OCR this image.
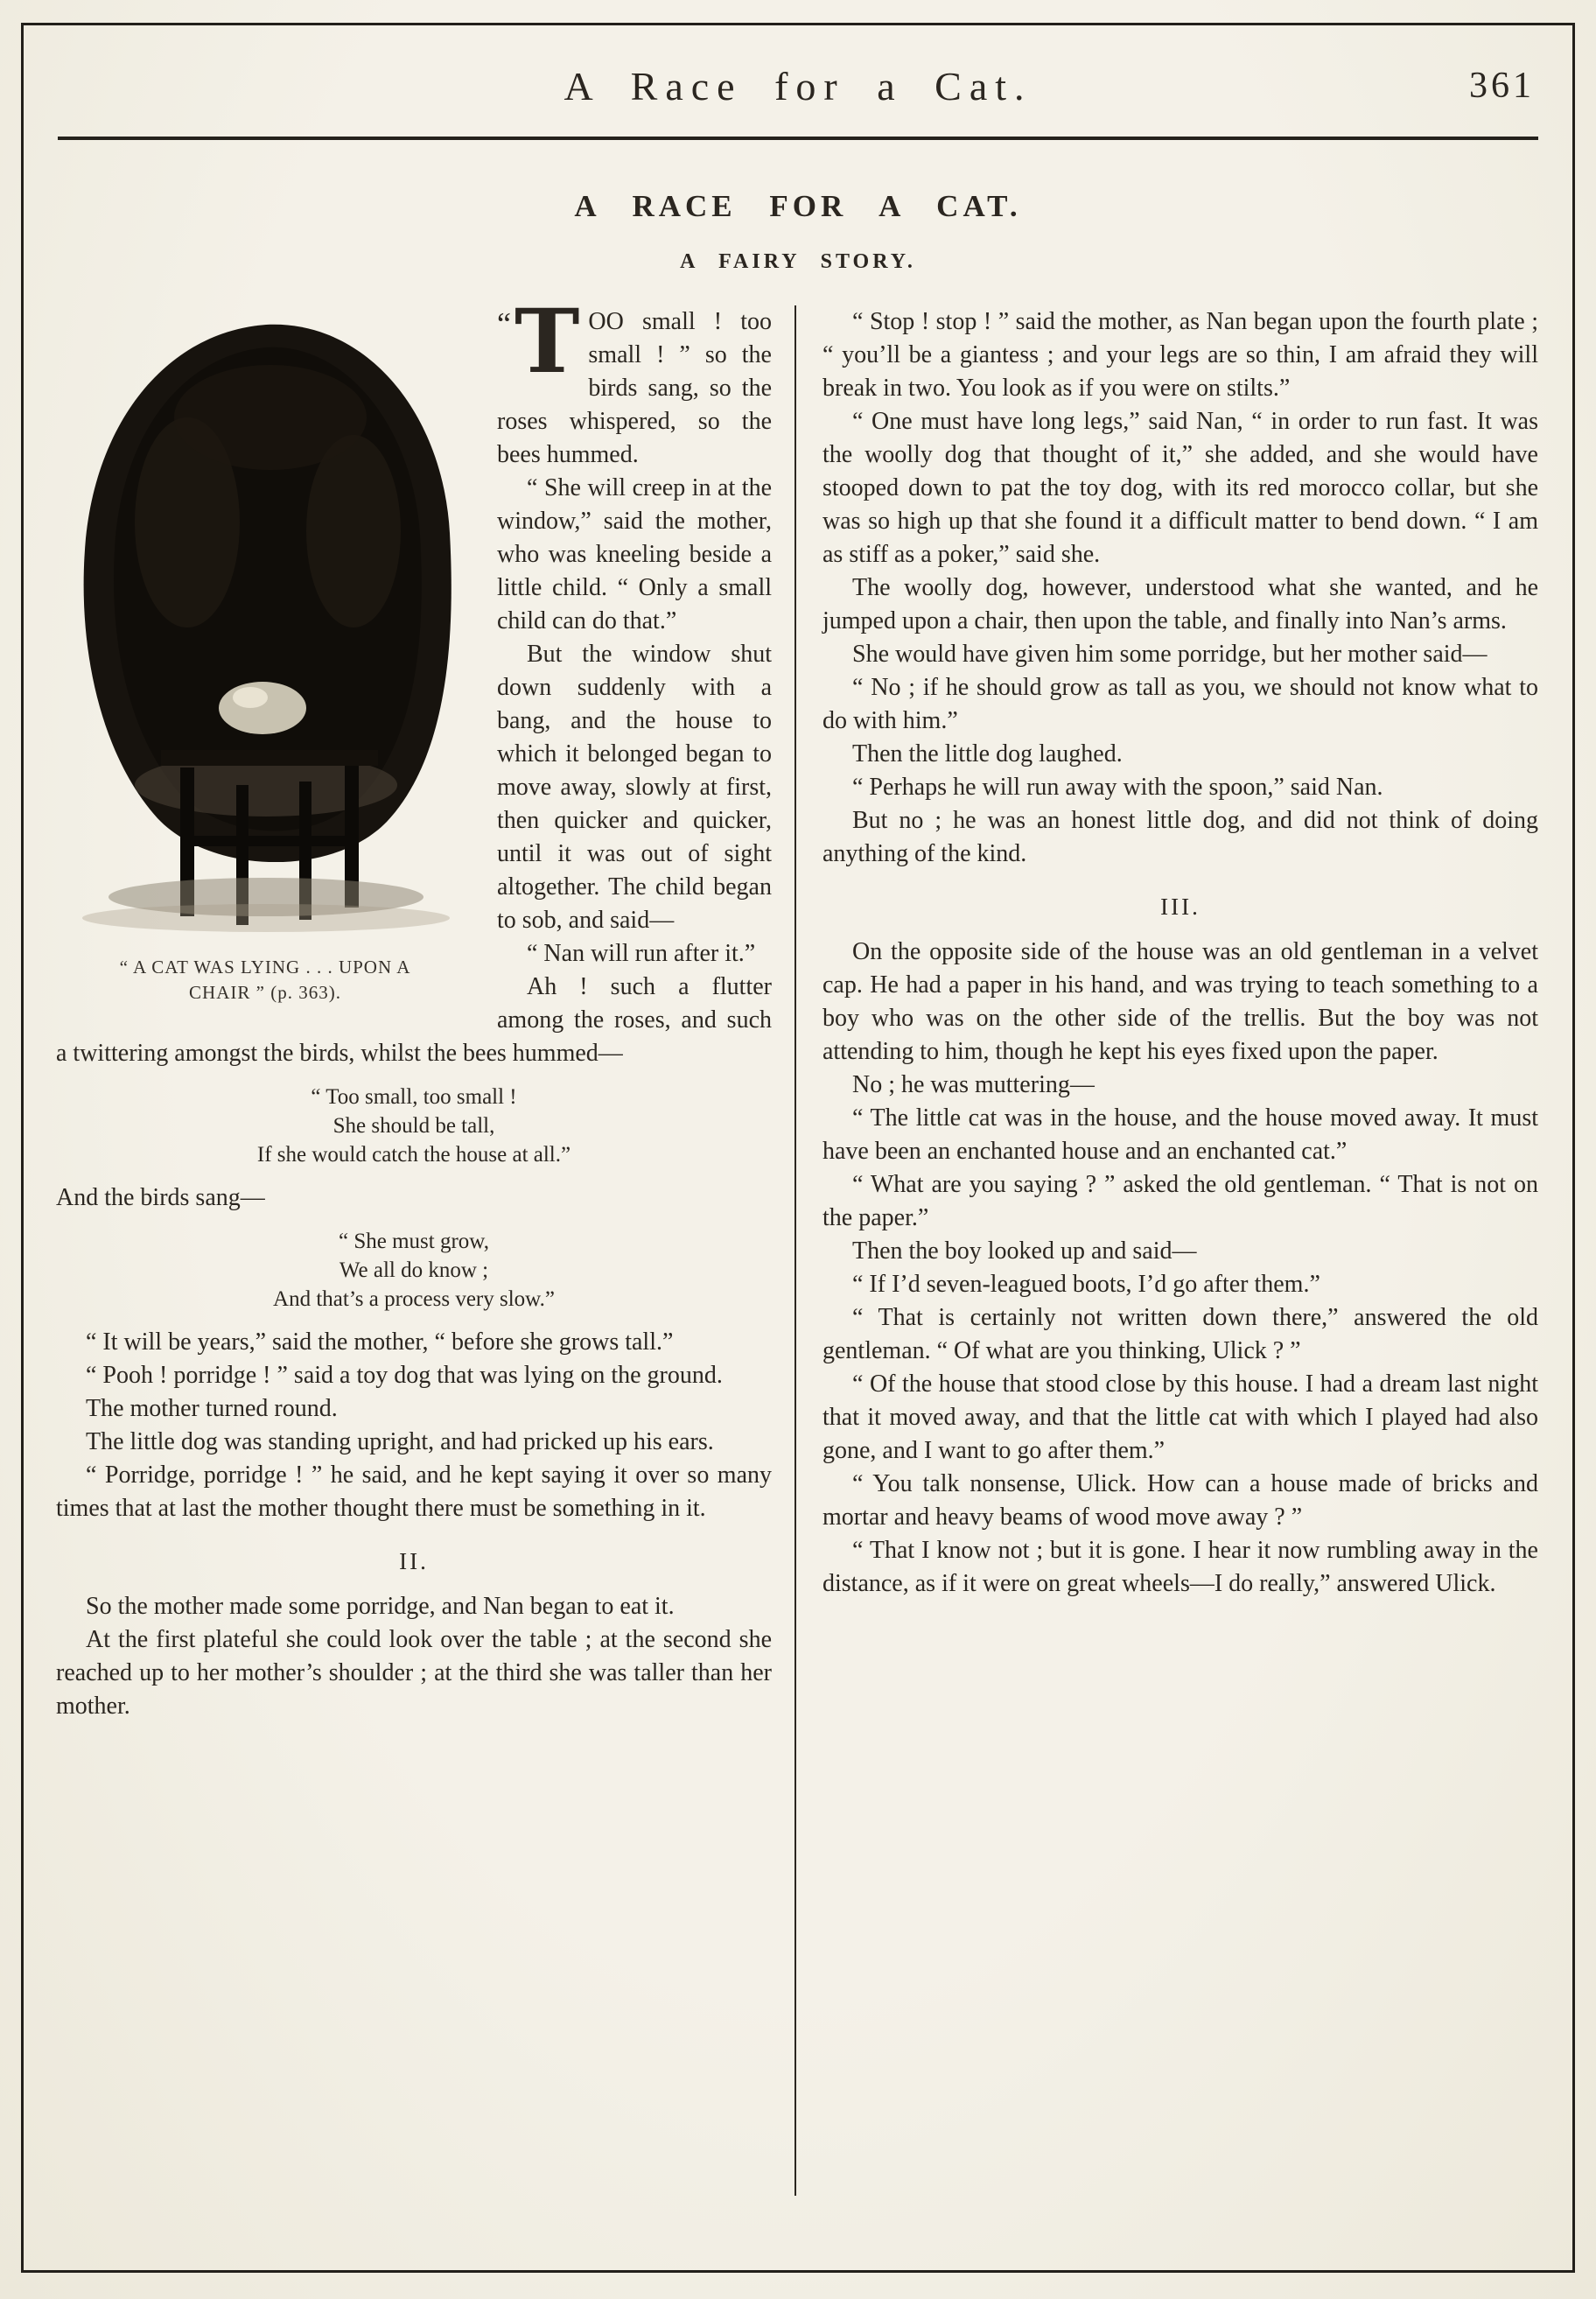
A Race for a Cat.	361
A RACE FOR A CAT.
A FAIRY STORY.
“ A CAT WAS LYING . . . UPON A
CHAIR ” (p. 363).

“ T OO small ! too small ! ” so the birds sang, so the roses whispered, so the bees hummed.

“ She will creep in at the window,” said the mother, who was kneeling beside a little child. “ Only a small child can do that.”

But the window shut down suddenly with a bang, and the house to which it belonged began to move away, slowly at first, then quicker and quicker, until it was out of sight altogether. The child began to sob, and said—

“ Nan will run after it.”

Ah ! such a flutter among the roses, and such a twittering amongst the birds, whilst the bees hummed—

“ Too small, too small !
She should be tall,
If she would catch the house at all.”

And the birds sang—

“ She must grow,
We all do know ;
And that’s a process very slow.”

“ It will be years,” said the mother, “ before she grows tall.”

“ Pooh ! porridge ! ” said a toy dog that was lying on the ground.

The mother turned round.

The little dog was standing upright, and had pricked up his ears.

“ Porridge, porridge ! ” he said, and he kept saying it over so many times that at last the mother thought there must be something in it.

II.

So the mother made some porridge, and Nan began to eat it.

At the first plateful she could look over the table ; at the second she reached up to her mother’s shoulder ; at the third she was taller than her mother.

“ Stop ! stop ! ” said the mother, as Nan began upon the fourth plate ; “ you’ll be a giantess ; and your legs are so thin, I am afraid they will break in two. You look as if you were on stilts.”

“ One must have long legs,” said Nan, “ in order to run fast. It was the woolly dog that thought of it,” she added, and she would have stooped down to pat the toy dog, with its red morocco collar, but she was so high up that she found it a difficult matter to bend down. “ I am as stiff as a poker,” said she.

The woolly dog, however, understood what she wanted, and he jumped upon a chair, then upon the table, and finally into Nan’s arms.

She would have given him some porridge, but her mother said—

“ No ; if he should grow as tall as you, we should not know what to do with him.”

Then the little dog laughed.

“ Perhaps he will run away with the spoon,” said Nan.

But no ; he was an honest little dog, and did not think of doing anything of the kind.

III.

On the opposite side of the house was an old gentleman in a velvet cap. He had a paper in his hand, and was trying to teach something to a boy who was on the other side of the trellis. But the boy was not attending to him, though he kept his eyes fixed upon the paper.

No ; he was muttering—

“ The little cat was in the house, and the house moved away. It must have been an enchanted house and an enchanted cat.”

“ What are you saying ? ” asked the old gentleman. “ That is not on the paper.”

Then the boy looked up and said—

“ If I’d seven-leagued boots, I’d go after them.”

“ That is certainly not written down there,” answered the old gentleman. “ Of what are you thinking, Ulick ? ”

“ Of the house that stood close by this house. I had a dream last night that it moved away, and that the little cat with which I played had also gone, and I want to go after them.”

“ You talk nonsense, Ulick. How can a house made of bricks and mortar and heavy beams of wood move away ? ”

“ That I know not ; but it is gone. I hear it now rumbling away in the distance, as if it were on great wheels—I do really,” answered Ulick.
